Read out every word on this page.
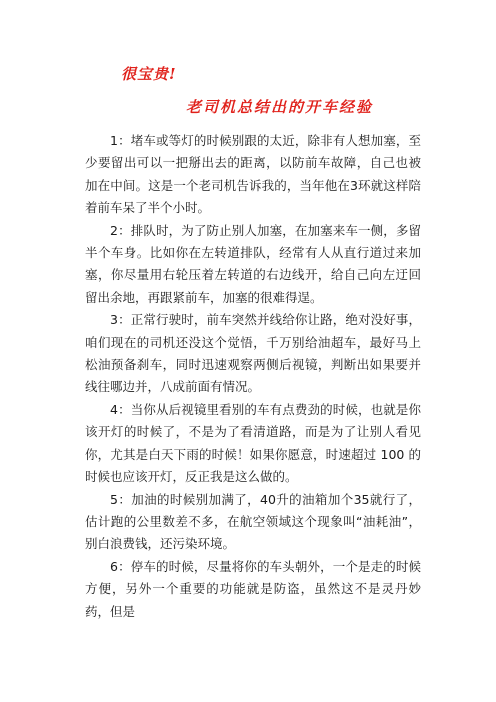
很宝贵!
老司机总结出的开车经验

1：堵车或等灯的时候别跟的太近，除非有人想加塞，至少要留出可以一把掰出去的距离，以防前车故障，自己也被加在中间。这是一个老司机告诉我的，当年他在3环就这样陪着前车呆了半个小时。

2：排队时，为了防止别人加塞，在加塞来车一侧，多留半个车身。比如你在左转道排队，经常有人从直行道过来加塞，你尽量用右轮压着左转道的右边线开，给自己向左迂回留出余地，再跟紧前车，加塞的很难得逞。

3：正常行驶时，前车突然并线给你让路，绝对没好事，咱们现在的司机还没这个觉悟，千万别给油超车，最好马上松油预备刹车，同时迅速观察两侧后视镜，判断出如果要并线往哪边并，八成前面有情况。

4：当你从后视镜里看别的车有点费劲的时候，也就是你该开灯的时候了，不是为了看清道路，而是为了让别人看见你，尤其是白天下雨的时候！如果你愿意，时速超过 100 的时候也应该开灯，反正我是这么做的。

5：加油的时候别加满了，40升的油箱加个35就行了，估计跑的公里数差不多，在航空领域这个现象叫“油耗油”，别白浪费钱，还污染环境。

6：停车的时候，尽量将你的车头朝外，一个是走的时候方便，另外一个重要的功能就是防盗，虽然这不是灵丹妙药，但是
